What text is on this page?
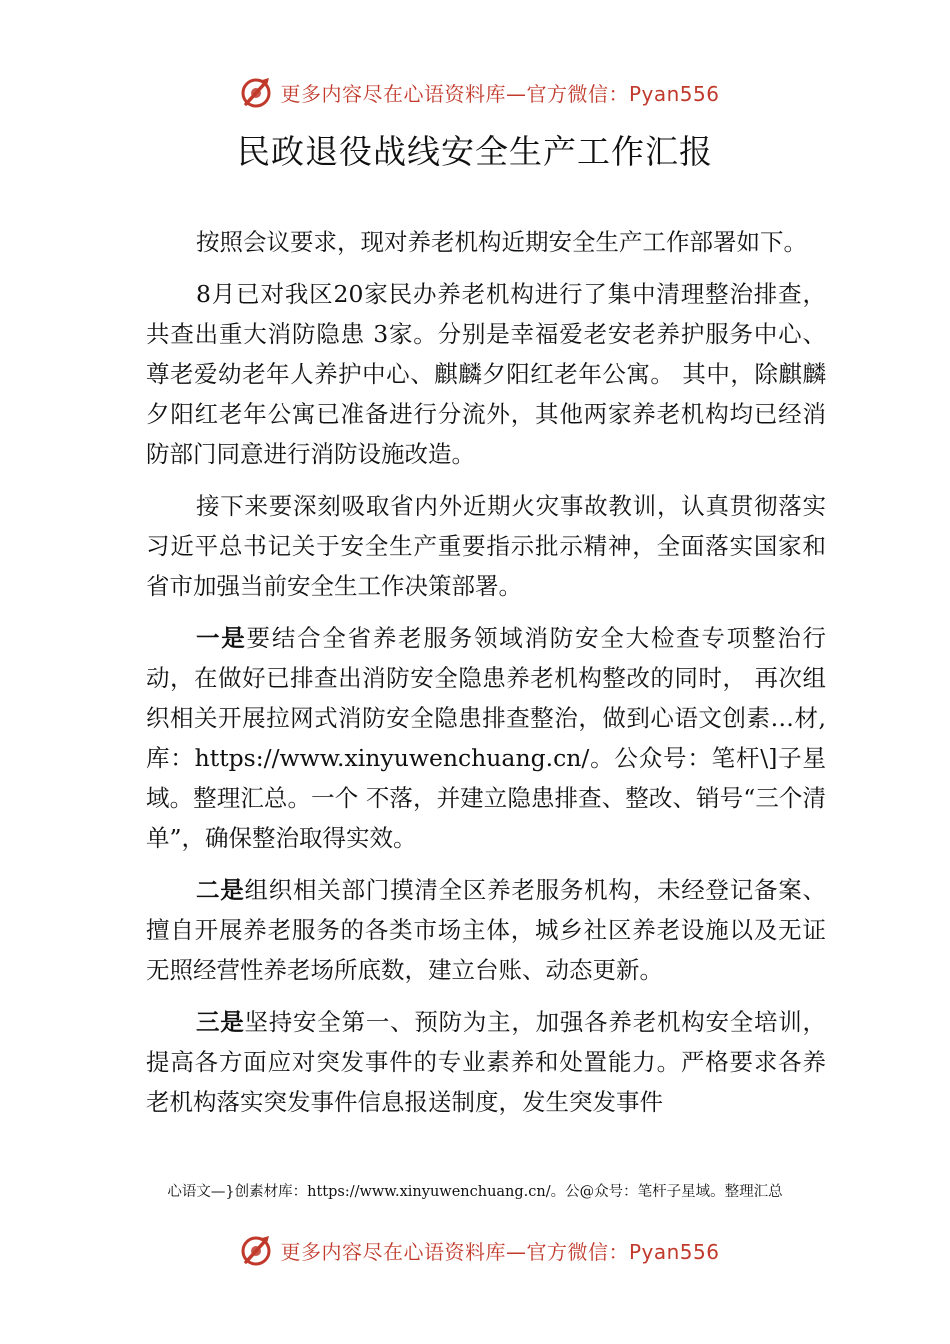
更多内容尽在心语资料库—官方微信：Pyan556
民政退役战线安全生产工作汇报

按照会议要求，现对养老机构近期安全生产工作部署如下。

8月已对我区20家民办养老机构进行了集中清理整治排查，共查出重大消防隐患 3家。分别是幸福爱老安老养护服务中心、尊老爱幼老年人养护中心、麒麟夕阳红老年公寓。 其中，除麒麟夕阳红老年公寓已准备进行分流外，其他两家养老机构均已经消防部门同意进行消防设施改造。

接下来要深刻吸取省内外近期火灾事故教训，认真贯彻落实习近平总书记关于安全生产重要指示批示精神，全面落实国家和省市加强当前安全生工作决策部署。

一是要结合全省养老服务领域消防安全大检查专项整治行动，在做好已排查出消防安全隐患养老机构整改的同时， 再次组织相关开展拉网式消防安全隐患排查整治，做到心语文创素…材,库：https://www.xinyuwenchuang.cn/。公众号：笔杆\]子星域。整理汇总。一个 不落，并建立隐患排查、整改、销号“三个清单”，确保整治取得实效。

二是组织相关部门摸清全区养老服务机构，未经登记备案、擅自开展养老服务的各类市场主体，城乡社区养老设施以及无证无照经营性养老场所底数，建立台账、动态更新。

三是坚持安全第一、预防为主，加强各养老机构安全培训，提高各方面应对突发事件的专业素养和处置能力。严格要求各养老机构落实突发事件信息报送制度，发生突发事件

心语文—}创素材库：https://www.xinyuwenchuang.cn/。公@众号：笔杆子星域。整理汇总
更多内容尽在心语资料库—官方微信：Pyan556
